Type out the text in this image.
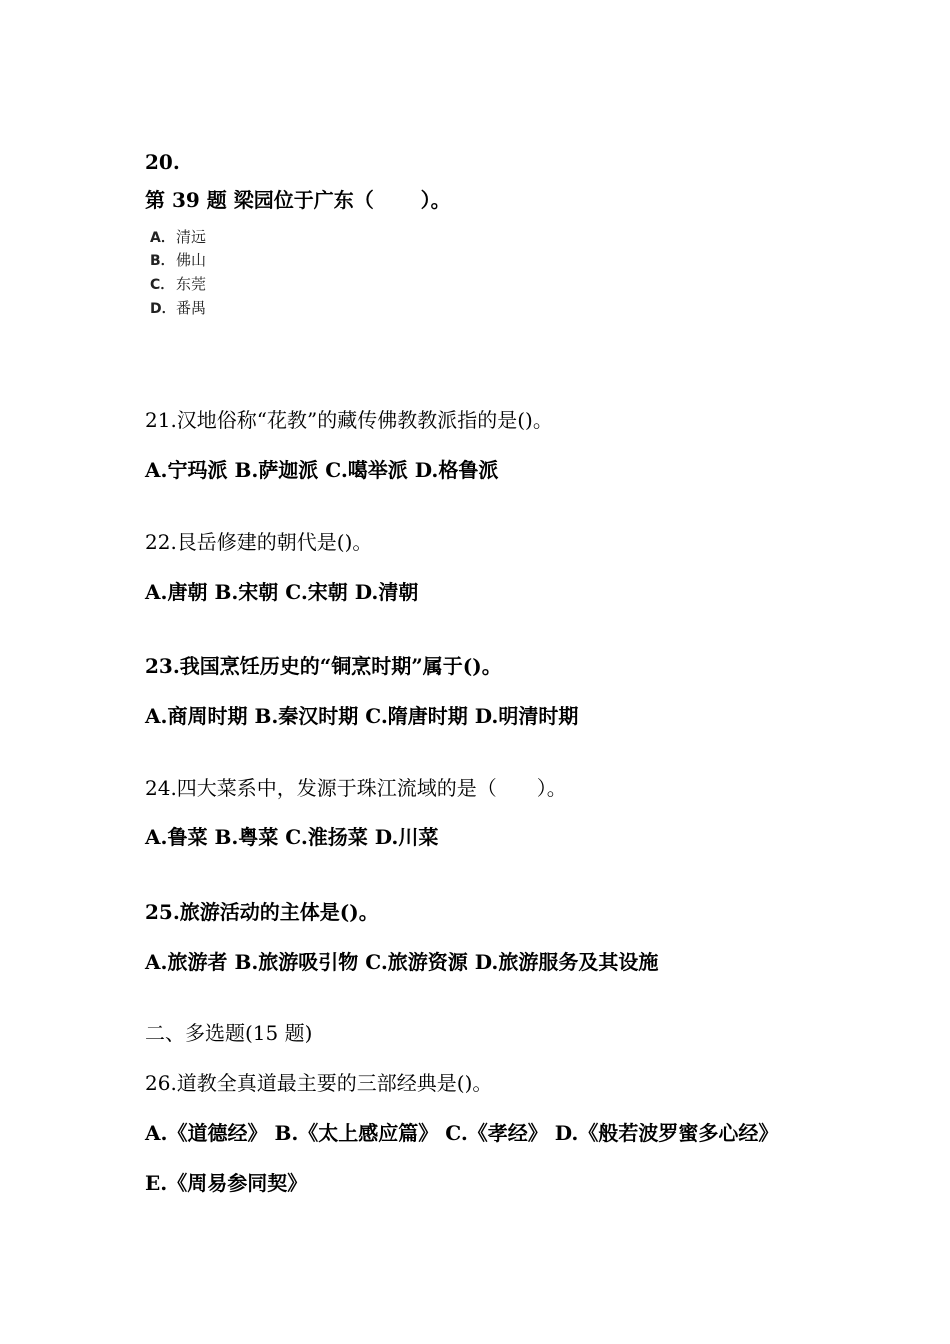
20.
第 39 题 梁园位于广东（　　 ）。
A．清远
B．佛山
C． 东莞
D．番禺
21.汉地俗称“花教”的藏传佛教教派指的是()。
A.宁玛派 B.萨迦派 C.噶举派 D.格鲁派
22.艮岳修建的朝代是()。
A.唐朝 B.宋朝 C.宋朝 D.清朝
23.我国烹饪历史的“铜烹时期”属于()。
A.商周时期 B.秦汉时期 C.隋唐时期 D.明清时期
24.四大菜系中，发源于珠江流域的是（　　）。
A.鲁菜 B.粤菜 C.淮扬菜 D.川菜
25.旅游活动的主体是()。
A.旅游者 B.旅游吸引物 C.旅游资源 D.旅游服务及其设施
二、多选题(15 题)
26.道教全真道最主要的三部经典是()。
A.《道德经》 B.《太上感应篇》 C.《孝经》 D.《般若波罗蜜多心经》
E.《周易参同契》
